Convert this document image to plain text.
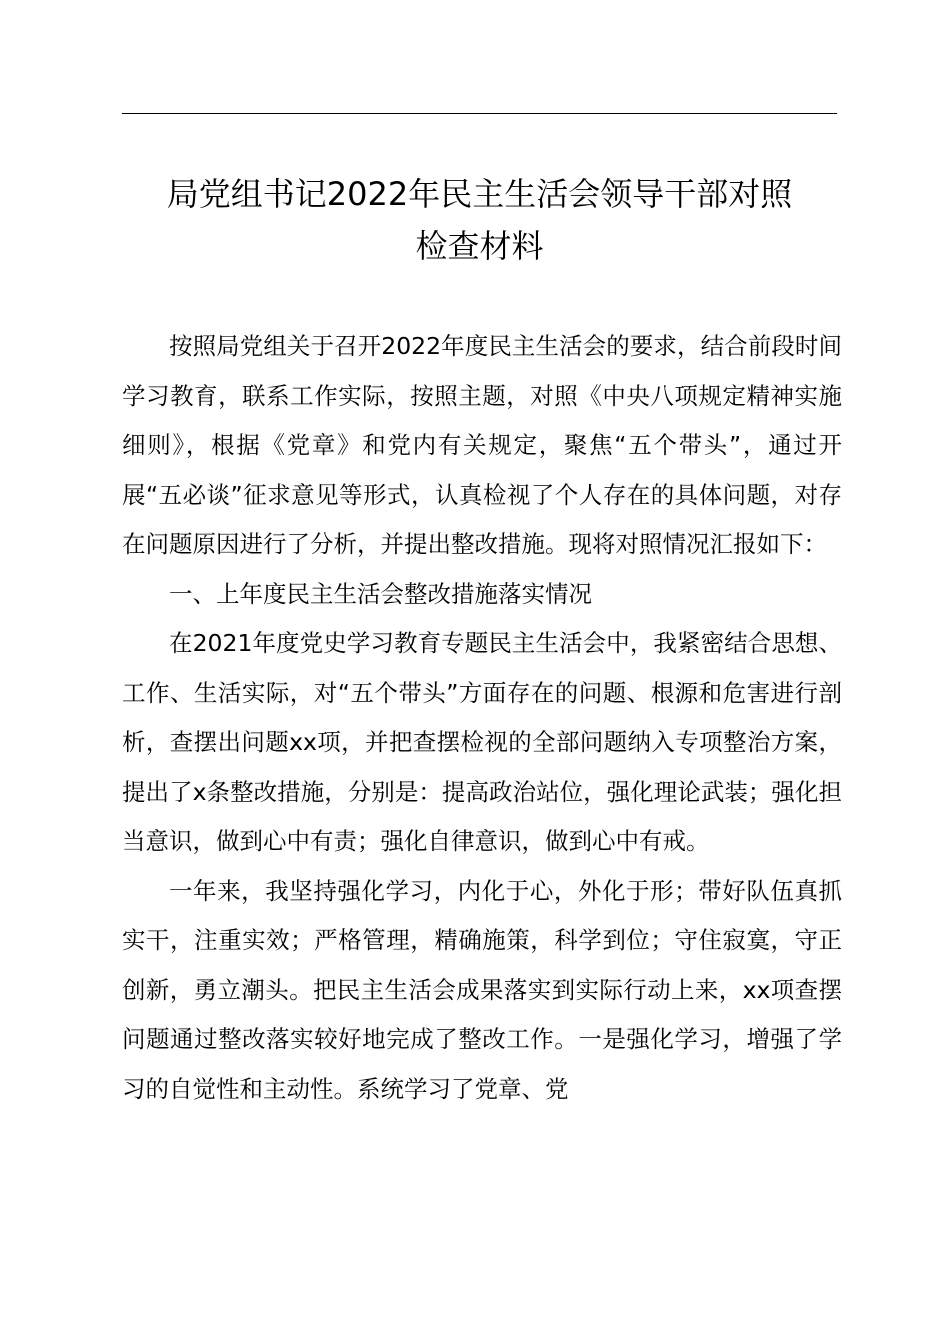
局党组书记2022年民主生活会领导干部对照
检查材料

按照局党组关于召开2022年度民主生活会的要求，结合前段时间学习教育，联系工作实际，按照主题，对照《中央八项规定精神实施细则》，根据《党章》和党内有关规定，聚焦“五个带头”，通过开展“五必谈”征求意见等形式，认真检视了个人存在的具体问题，对存在问题原因进行了分析，并提出整改措施。现将对照情况汇报如下：

一、上年度民主生活会整改措施落实情况

在2021年度党史学习教育专题民主生活会中，我紧密结合思想、工作、生活实际，对“五个带头”方面存在的问题、根源和危害进行剖析，查摆出问题xx项，并把查摆检视的全部问题纳入专项整治方案，提出了x条整改措施，分别是：提高政治站位，强化理论武装；强化担当意识，做到心中有责；强化自律意识，做到心中有戒。

一年来，我坚持强化学习，内化于心，外化于形；带好队伍真抓实干，注重实效；严格管理，精确施策，科学到位；守住寂寞，守正创新，勇立潮头。把民主生活会成果落实到实际行动上来，xx项查摆问题通过整改落实较好地完成了整改工作。一是强化学习，增强了学习的自觉性和主动性。系统学习了党章、党
